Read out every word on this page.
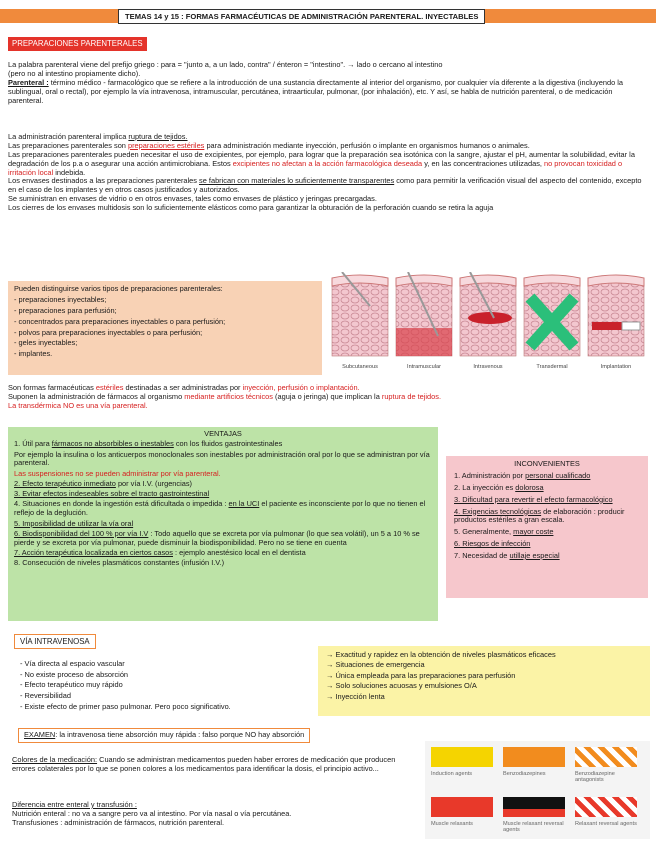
TEMAS 14 y 15 : FORMAS FARMACÉUTICAS DE ADMINISTRACIÓN PARENTERAL. INYECTABLES
PREPARACIONES PARENTERALES
La palabra parenteral viene del prefijo griego : para = "junto a, a un lado, contra" / énteron = "intestino". → lado o cercano al intestino
(pero no al intestino propiamente dicho).
Parenteral : término médico - farmacológico que se refiere a la introducción de una sustancia directamente al interior del organismo, por cualquier vía diferente a la digestiva (incluyendo la sublingual, oral o rectal), por ejemplo la vía intravenosa, intramuscular, percutánea, intraarticular, pulmonar, (por inhalación), etc. Y así, se habla de nutrición parenteral, o de medicación parenteral.
La administración parenteral implica ruptura de tejidos.
Las preparaciones parenterales son preparaciones estériles para administración mediante inyección, perfusión o implante en organismos humanos o animales.
Las preparaciones parenterales pueden necesitar el uso de excipientes, por ejemplo, para lograr que la preparación sea isotónica con la sangre, ajustar el pH, aumentar la solubilidad, evitar la degradación de los p.a o asegurar una acción antimicrobiana. Estos excipientes no afectan a la acción farmacológica deseada y, en las concentraciones utilizadas, no provocan toxicidad o irritación local indebida.
Los envases destinados a las preparaciones parenterales se fabrican con materiales lo suficientemente transparentes como para permitir la verificación visual del aspecto del contenido, excepto en el caso de los implantes y en otros casos justificados y autorizados.
Se suministran en envases de vidrio o en otros envases, tales como envases de plástico y jeringas precargadas.
Los cierres de los envases multidosis son lo suficientemente elásticos como para garantizar la obturación de la perforación cuando se retira la aguja
Pueden distinguirse varios tipos de preparaciones parenterales:
- preparaciones inyectables;
- preparaciones para perfusión;
- concentrados para preparaciones inyectables o para perfusión;
- polvos para preparaciones inyectables o para perfusión;
- geles inyectables;
- implantes.
Subcutaneous	Intramuscular	Intravenous	Transdermal	Implantation
Son formas farmacéuticas estériles destinadas a ser administradas por inyección, perfusión o implantación.
Suponen la administración de fármacos al organismo mediante artificios técnicos (aguja o jeringa) que implican la ruptura de tejidos.
La transdérmica NO es una vía parenteral.
VENTAJAS
1. Útil para fármacos no absorbibles o inestables con los fluidos gastrointestinales
Por ejemplo la insulina o los anticuerpos monoclonales son inestables por administración oral por lo que se administran por vía parenteral.
Las suspensiones no se pueden administrar por vía parenteral.
2. Efecto terapéutico inmediato por vía I.V. (urgencias)
3. Evitar efectos indeseables sobre el tracto gastrointestinal
4. Situaciones en donde la ingestión está dificultada o impedida : en la UCI el paciente es inconsciente por lo que no tienen el reflejo de la deglución.
5. Imposibilidad de utilizar la vía oral
6. Biodisponibilidad del 100 % por vía I.V : Todo aquello que se excreta por vía pulmonar (lo que sea volátil), un 5 a 10 % se pierde y se excreta por vía pulmonar, puede disminuir la biodisponibilidad. Pero no se tiene en cuenta
7. Acción terapéutica localizada en ciertos casos : ejemplo anestésico local en el dentista
8. Consecución de niveles plasmáticos constantes (infusión I.V.)
INCONVENIENTES
1. Administración por personal cualificado
2. La inyección es dolorosa
3. Dificultad para revertir el efecto farmacológico
4. Exigencias tecnológicas de elaboración : producir productos estériles a gran escala.
5. Generalmente, mayor coste
6. Riesgos de infección
7. Necesidad de utillaje especial
VÍA INTRAVENOSA
- Vía directa al espacio vascular
- No existe proceso de absorción
- Efecto terapéutico muy rápido
- Reversibilidad
- Existe efecto de primer paso pulmonar. Pero poco significativo.
→ Exactitud y rapidez en la obtención de niveles plasmáticos eficaces
→ Situaciones de emergencia
→ Única empleada para las preparaciones para perfusión
→ Solo soluciones acuosas y emulsiones O/A
→ Inyección lenta
EXAMEN: la intravenosa tiene absorción muy rápida : falso porque NO hay absorción
Colores de la medicación: Cuando se administran medicamentos pueden haber errores de medicación que producen errores colaterales por lo que se ponen colores a los medicamentos para identificar la dosis, el principio activo...
Diferencia entre enteral y transfusión :
Nutrición enteral : no va a sangre pero va al intestino. Por vía nasal o vía percutánea.
Transfusiones : administración de fármacos, nutrición parenteral.
Induction agents	Benzodiazepines	Benzodiazepine antagonists
Muscle relaxants	Muscle relaxant reversal agents
Relaxant reversal agents
